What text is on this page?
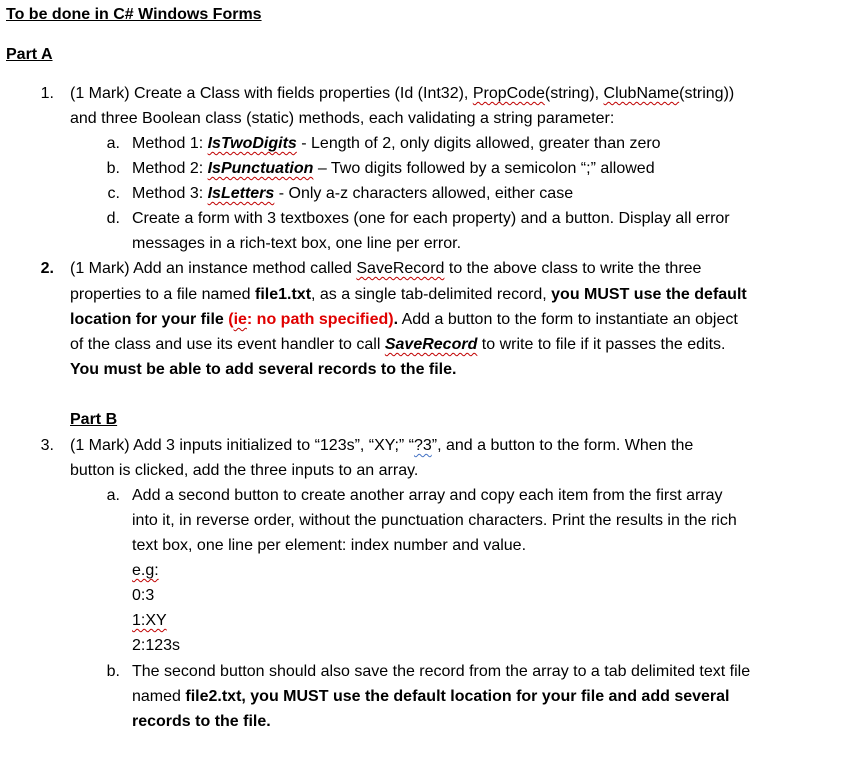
To be done in C# Windows Forms
Part A
1. (1 Mark) Create a Class with fields properties (Id (Int32), PropCode(string), ClubName(string))
and three Boolean class (static) methods, each validating a string parameter:
a. Method 1: IsTwoDigits - Length of 2, only digits allowed, greater than zero
b. Method 2: IsPunctuation – Two digits followed by a semicolon “;” allowed
c. Method 3: IsLetters - Only a-z characters allowed, either case
d. Create a form with 3 textboxes (one for each property) and a button. Display all error
messages in a rich-text box, one line per error.
2. (1 Mark) Add an instance method called SaveRecord to the above class to write the three
properties to a file named file1.txt, as a single tab-delimited record, you MUST use the default
location for your file (ie: no path specified). Add a button to the form to instantiate an object
of the class and use its event handler to call SaveRecord to write to file if it passes the edits.
You must be able to add several records to the file.
Part B
3. (1 Mark) Add 3 inputs initialized to “123s”, “XY;” “?3”, and a button to the form. When the
button is clicked, add the three inputs to an array.
a. Add a second button to create another array and copy each item from the first array
into it, in reverse order, without the punctuation characters. Print the results in the rich
text box, one line per element: index number and value.
e.g:
0:3
1:XY
2:123s
b. The second button should also save the record from the array to a tab delimited text file
named file2.txt, you MUST use the default location for your file and add several
records to the file.
